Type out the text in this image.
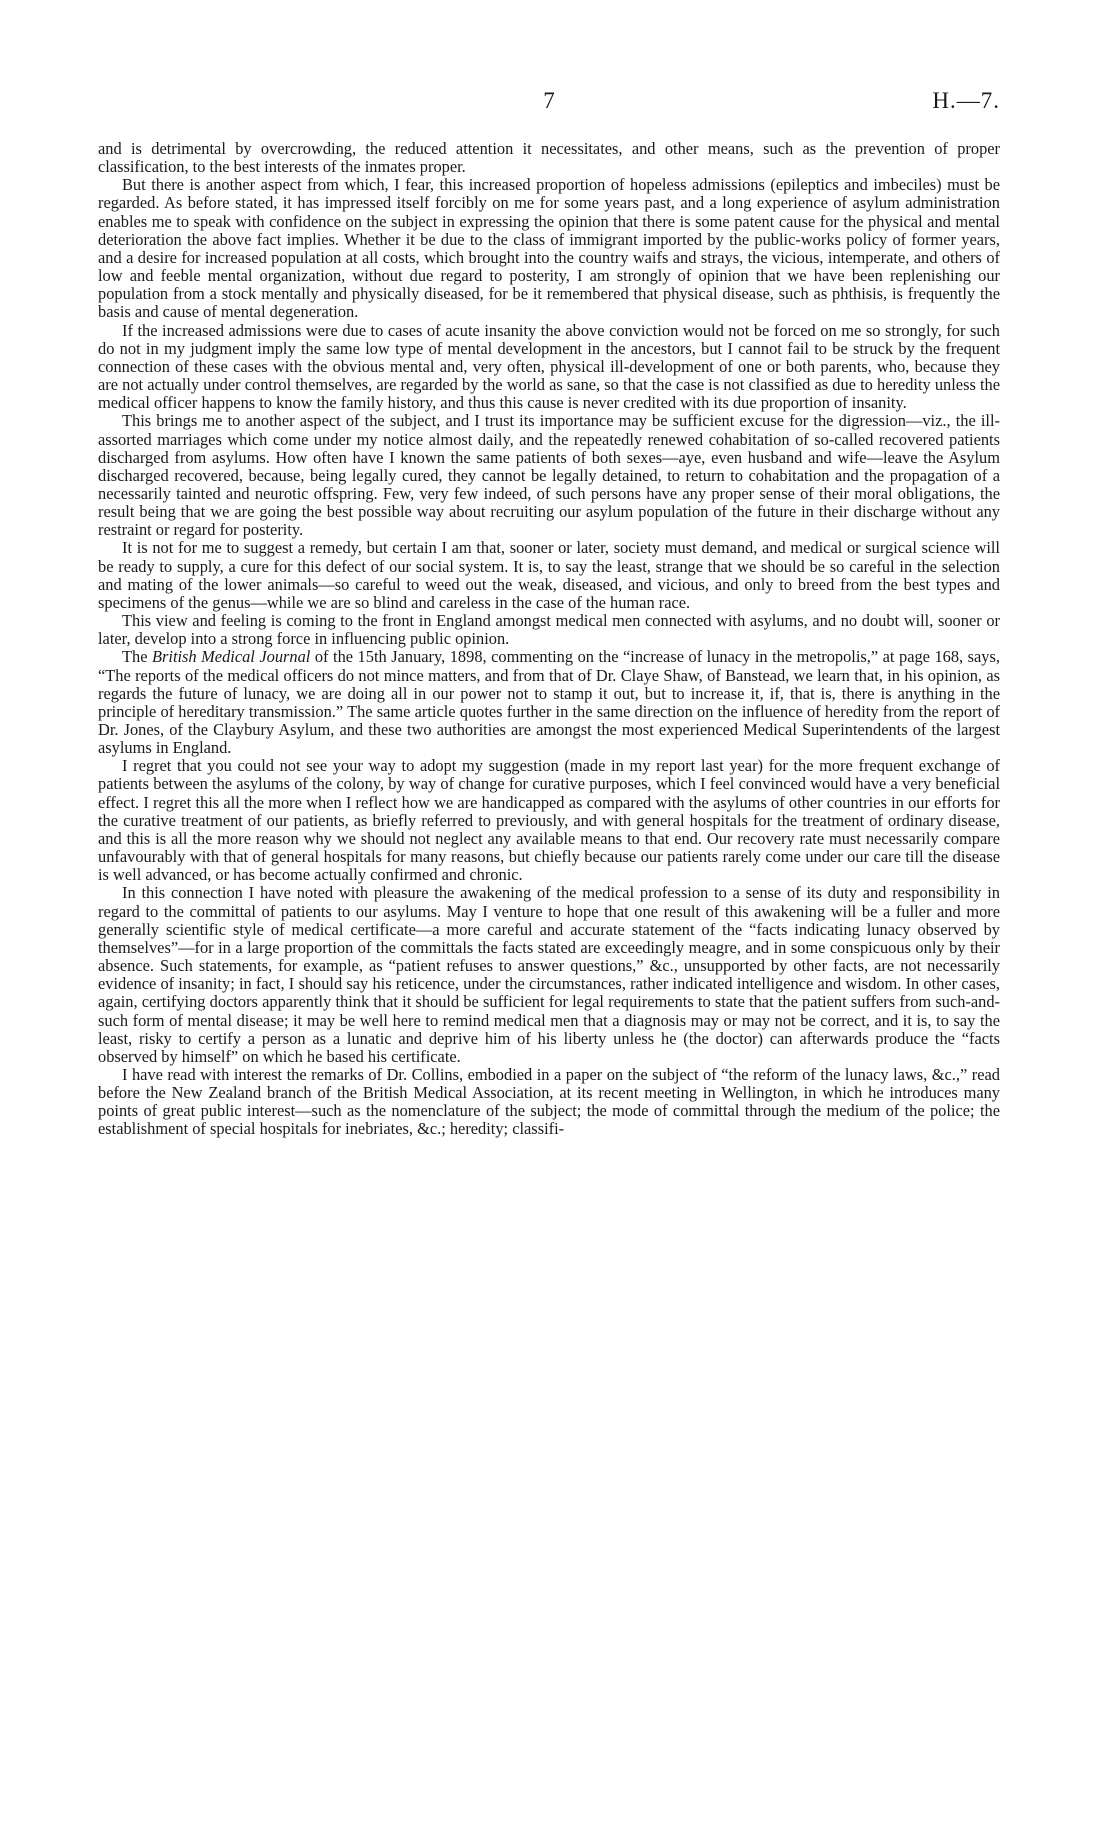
7	H.—7.

and is detrimental by overcrowding, the reduced attention it necessitates, and other means, such as the prevention of proper classification, to the best interests of the inmates proper.

But there is another aspect from which, I fear, this increased proportion of hopeless admissions (epileptics and imbeciles) must be regarded. As before stated, it has impressed itself forcibly on me for some years past, and a long experience of asylum administration enables me to speak with confidence on the subject in expressing the opinion that there is some patent cause for the physical and mental deterioration the above fact implies. Whether it be due to the class of immigrant imported by the public-works policy of former years, and a desire for increased population at all costs, which brought into the country waifs and strays, the vicious, intemperate, and others of low and feeble mental organization, without due regard to posterity, I am strongly of opinion that we have been replenishing our population from a stock mentally and physically diseased, for be it remembered that physical disease, such as phthisis, is frequently the basis and cause of mental degeneration.

If the increased admissions were due to cases of acute insanity the above conviction would not be forced on me so strongly, for such do not in my judgment imply the same low type of mental development in the ancestors, but I cannot fail to be struck by the frequent connection of these cases with the obvious mental and, very often, physical ill-development of one or both parents, who, because they are not actually under control themselves, are regarded by the world as sane, so that the case is not classified as due to heredity unless the medical officer happens to know the family history, and thus this cause is never credited with its due proportion of insanity.

This brings me to another aspect of the subject, and I trust its importance may be sufficient excuse for the digression—viz., the ill-assorted marriages which come under my notice almost daily, and the repeatedly renewed cohabitation of so-called recovered patients discharged from asylums. How often have I known the same patients of both sexes—aye, even husband and wife—leave the Asylum discharged recovered, because, being legally cured, they cannot be legally detained, to return to cohabitation and the propagation of a necessarily tainted and neurotic offspring. Few, very few indeed, of such persons have any proper sense of their moral obligations, the result being that we are going the best possible way about recruiting our asylum population of the future in their discharge without any restraint or regard for posterity.

It is not for me to suggest a remedy, but certain I am that, sooner or later, society must demand, and medical or surgical science will be ready to supply, a cure for this defect of our social system. It is, to say the least, strange that we should be so careful in the selection and mating of the lower animals—so careful to weed out the weak, diseased, and vicious, and only to breed from the best types and specimens of the genus—while we are so blind and careless in the case of the human race.

This view and feeling is coming to the front in England amongst medical men connected with asylums, and no doubt will, sooner or later, develop into a strong force in influencing public opinion.

The British Medical Journal of the 15th January, 1898, commenting on the “increase of lunacy in the metropolis,” at page 168, says, “The reports of the medical officers do not mince matters, and from that of Dr. Claye Shaw, of Banstead, we learn that, in his opinion, as regards the future of lunacy, we are doing all in our power not to stamp it out, but to increase it, if, that is, there is anything in the principle of hereditary transmission.” The same article quotes further in the same direction on the influence of heredity from the report of Dr. Jones, of the Claybury Asylum, and these two authorities are amongst the most experienced Medical Superintendents of the largest asylums in England.

I regret that you could not see your way to adopt my suggestion (made in my report last year) for the more frequent exchange of patients between the asylums of the colony, by way of change for curative purposes, which I feel convinced would have a very beneficial effect. I regret this all the more when I reflect how we are handicapped as compared with the asylums of other countries in our efforts for the curative treatment of our patients, as briefly referred to previously, and with general hospitals for the treatment of ordinary disease, and this is all the more reason why we should not neglect any available means to that end. Our recovery rate must necessarily compare unfavourably with that of general hospitals for many reasons, but chiefly because our patients rarely come under our care till the disease is well advanced, or has become actually confirmed and chronic.

In this connection I have noted with pleasure the awakening of the medical profession to a sense of its duty and responsibility in regard to the committal of patients to our asylums. May I venture to hope that one result of this awakening will be a fuller and more generally scientific style of medical certificate—a more careful and accurate statement of the “facts indicating lunacy observed by themselves”—for in a large proportion of the committals the facts stated are exceedingly meagre, and in some conspicuous only by their absence. Such statements, for example, as “patient refuses to answer questions,” &c., unsupported by other facts, are not necessarily evidence of insanity; in fact, I should say his reticence, under the circumstances, rather indicated intelligence and wisdom. In other cases, again, certifying doctors apparently think that it should be sufficient for legal requirements to state that the patient suffers from such-and-such form of mental disease; it may be well here to remind medical men that a diagnosis may or may not be correct, and it is, to say the least, risky to certify a person as a lunatic and deprive him of his liberty unless he (the doctor) can afterwards produce the “facts observed by himself” on which he based his certificate.

I have read with interest the remarks of Dr. Collins, embodied in a paper on the subject of “the reform of the lunacy laws, &c.,” read before the New Zealand branch of the British Medical Association, at its recent meeting in Wellington, in which he introduces many points of great public interest—such as the nomenclature of the subject; the mode of committal through the medium of the police; the establishment of special hospitals for inebriates, &c.; heredity; classifi-
